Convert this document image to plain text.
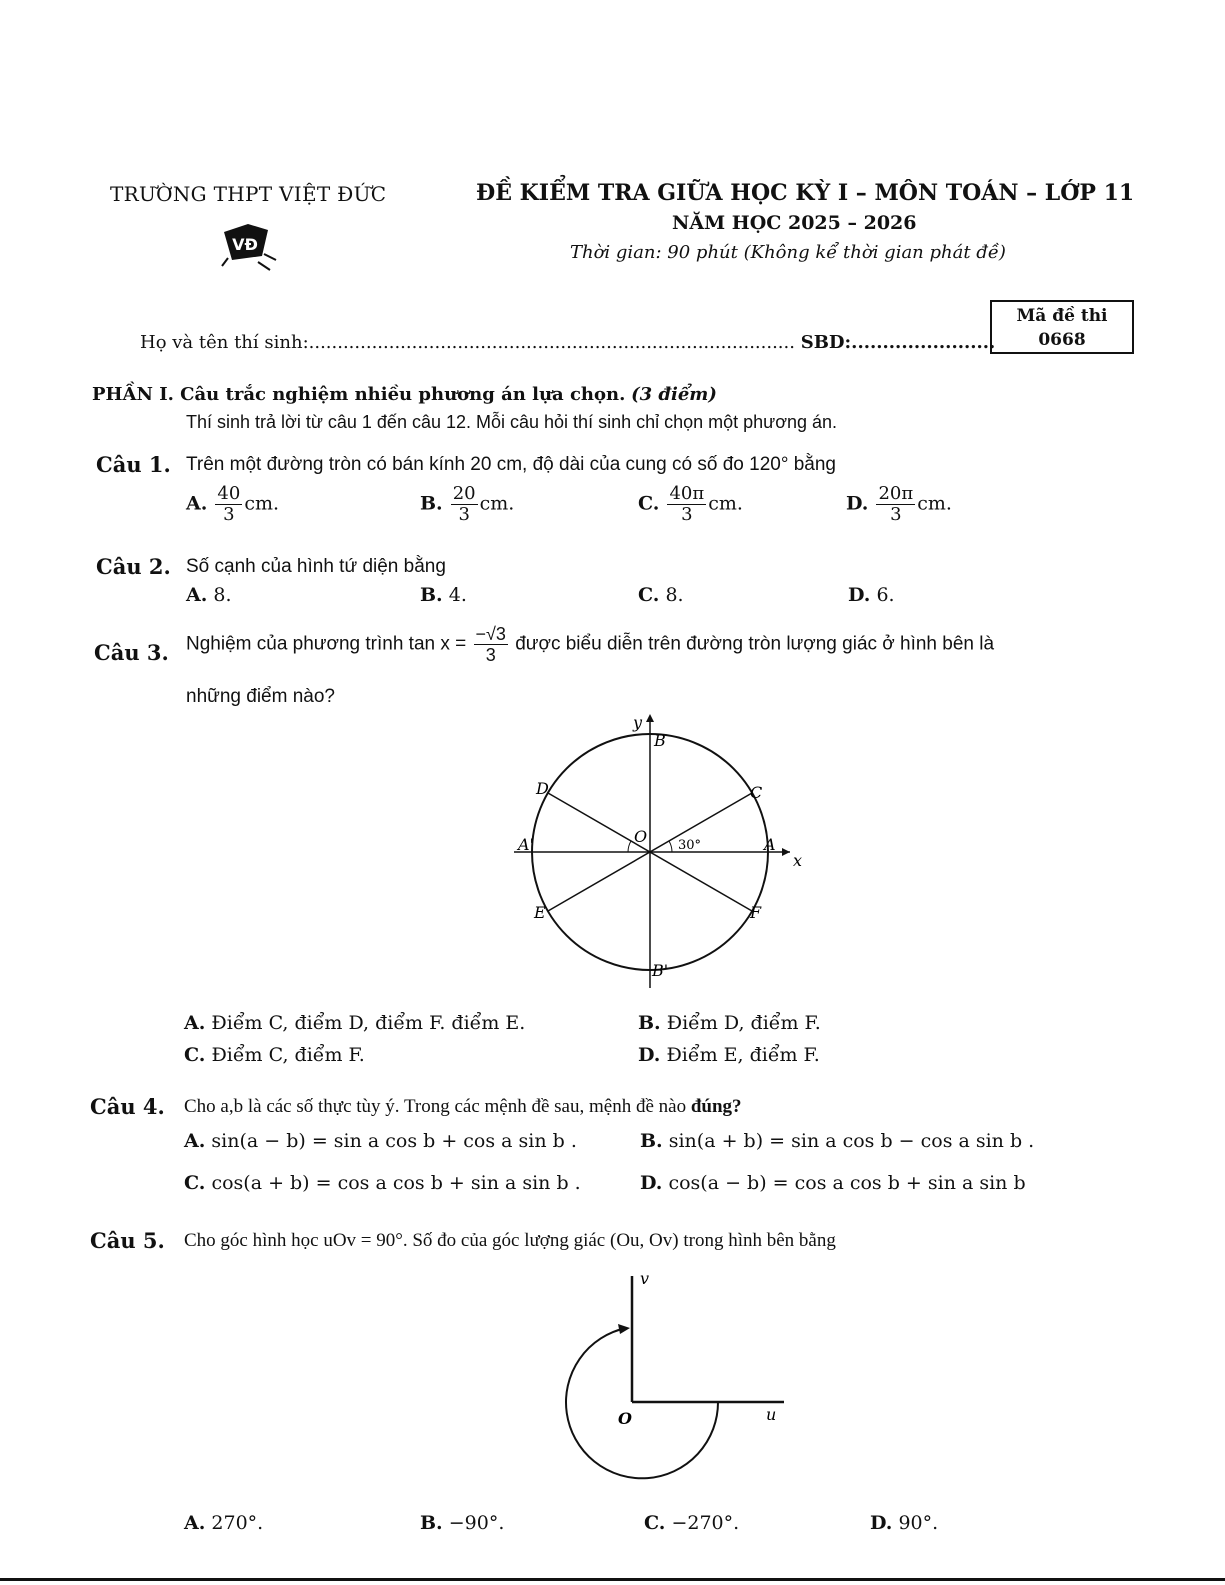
TRƯỜNG THPT VIỆT ĐỨC
VĐ
ĐỀ KIỂM TRA GIỮA HỌC KỲ I – MÔN TOÁN – LỚP 11
NĂM HỌC 2025 – 2026
Thời gian: 90 phút (Không kể thời gian phát đề)
Mã đề thi
0668
Họ và tên thí sinh:..................................................................................... SBD:.......................
PHẦN I. Câu trắc nghiệm nhiều phương án lựa chọn. (3 điểm)
Thí sinh trả lời từ câu 1 đến câu 12. Mỗi câu hỏi thí sinh chỉ chọn một phương án.
Câu 1. Trên một đường tròn có bán kính 20 cm, độ dài của cung có số đo 120° bằng
A. $\frac{40}{3}$ cm.	B. $\frac{20}{3}$ cm.	C. $\frac{40\pi}{3}$ cm.	D. $\frac{20\pi}{3}$ cm.
Câu 2. Số cạnh của hình tứ diện bằng
A. 8.	B. 4.	C. 8.	D. 6.
Câu 3. Nghiệm của phương trình $\tan x = \frac{-√3}{3}$ được biểu diễn trên đường tròn lượng giác ở hình bên là
những điểm nào?
y
x
B
C
D
A'	O	A
E	F
B'
30°
A. Điểm C, điểm D, điểm F. điểm E.	B. Điểm D, điểm F.
C. Điểm C, điểm F.	D. Điểm E, điểm F.
Câu 4. Cho a,b là các số thực tùy ý. Trong các mệnh đề sau, mệnh đề nào đúng?
A. sin(a − b) = sin a cos b + cos a sin b .	B. sin(a + b) = sin a cos b − cos a sin b .
C. cos(a + b) = cos a cos b + sin a sin b .	D. cos(a − b) = cos a cos b + sin a sin b
Câu 5. Cho góc hình học uOv = 90°. Số đo của góc lượng giác (Ou, Ov) trong hình bên bằng
v
O	u
A. 270°.	B. −90°.	C. −270°.	D. 90°.
